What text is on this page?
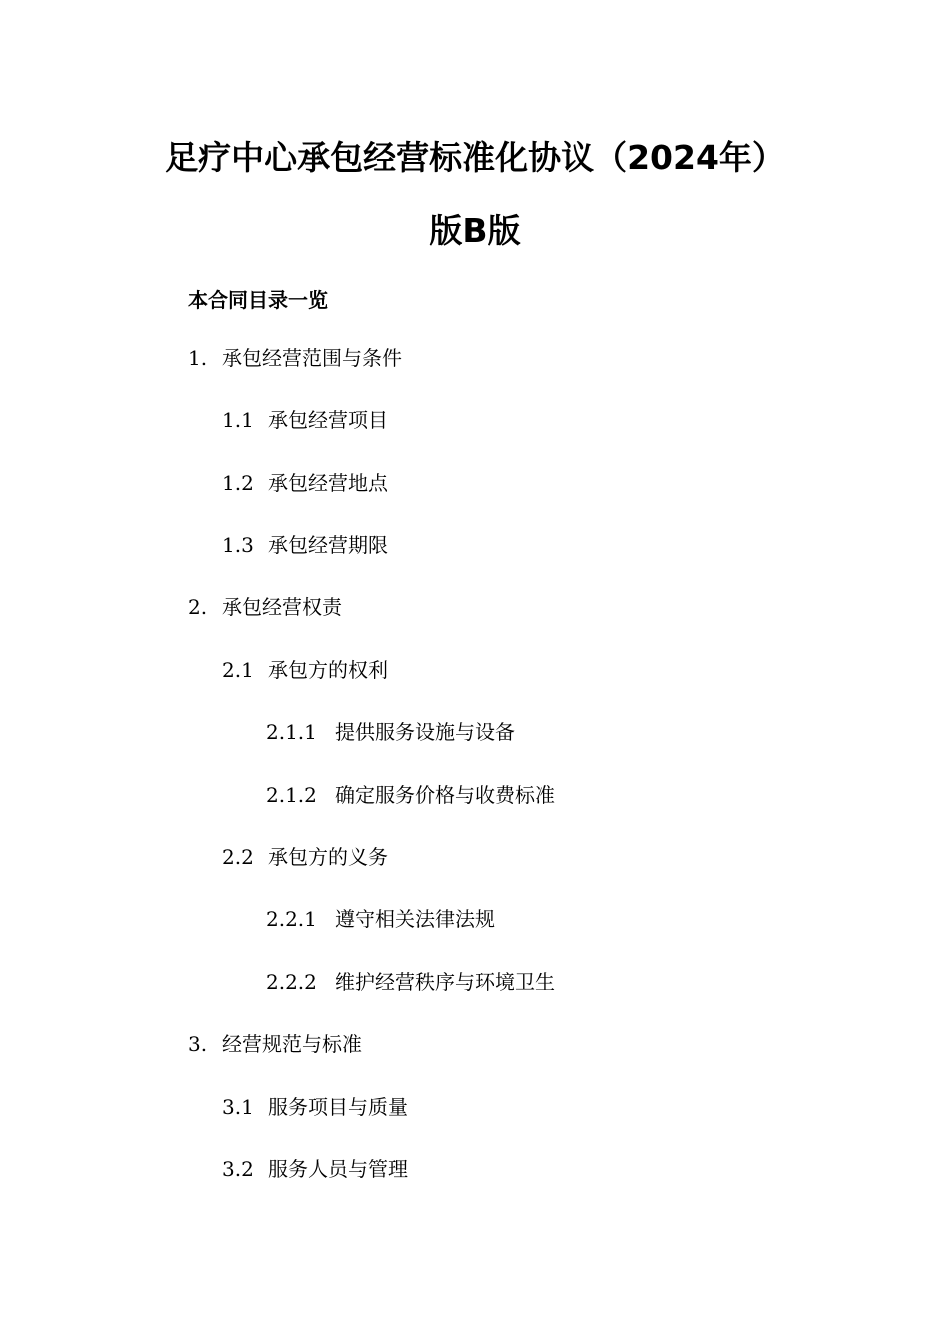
足疗中心承包经营标准化协议（2024年）
版B版
本合同目录一览
1. 承包经营范围与条件
1.1 承包经营项目
1.2 承包经营地点
1.3 承包经营期限
2. 承包经营权责
2.1 承包方的权利
2.1.1 提供服务设施与设备
2.1.2 确定服务价格与收费标准
2.2 承包方的义务
2.2.1 遵守相关法律法规
2.2.2 维护经营秩序与环境卫生
3. 经营规范与标准
3.1 服务项目与质量
3.2 服务人员与管理
